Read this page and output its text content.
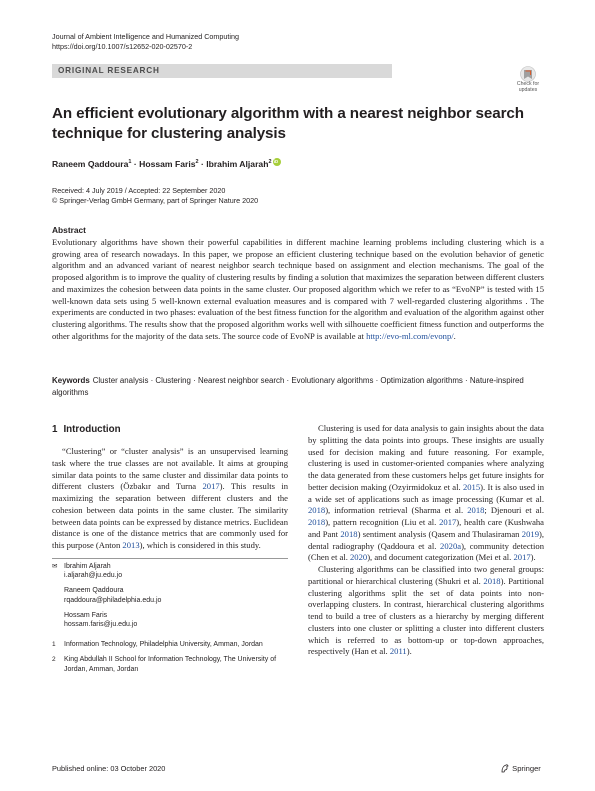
Journal of Ambient Intelligence and Humanized Computing
https://doi.org/10.1007/s12652-020-02570-2
ORIGINAL RESEARCH
Check for
updates
An efficient evolutionary algorithm with a nearest neighbor search technique for clustering analysis
Raneem Qaddoura$^1$ · Hossam Faris$^2$ · Ibrahim Aljarah$^2$iD
Received: 4 July 2019 / Accepted: 22 September 2020
© Springer-Verlag GmbH Germany, part of Springer Nature 2020
Abstract
Evolutionary algorithms have shown their powerful capabilities in different machine learning problems including clustering which is a growing area of research nowadays. In this paper, we propose an efficient clustering technique based on the evolution behavior of genetic algorithm and an advanced variant of nearest neighbor search technique based on assignment and election mechanisms. The goal of the proposed algorithm is to improve the quality of clustering results by finding a solution that maximizes the separation between different clusters and maximizes the cohesion between data points in the same cluster. Our proposed algorithm which we refer to as “EvoNP” is tested with 15 well-known data sets using 5 well-known external evaluation measures and is compared with 7 well-regarded clustering algorithms . The experiments are conducted in two phases: evaluation of the best fitness function for the algorithm and evaluation of the algorithm against other clustering algorithms. The results show that the proposed algorithm works well with silhouette coefficient fitness function and outperforms the other algorithms for the majority of the data sets. The source code of EvoNP is available at http://evo-ml.com/evonp/.
Keywords Cluster analysis · Clustering · Nearest neighbor search · Evolutionary algorithms · Optimization algorithms · Nature-inspired algorithms
1 Introduction

“Clustering” or “cluster analysis” is an unsupervised learning task where the true classes are not available. It aims at grouping similar data points to the same cluster and dissimilar data points to different clusters (Özbakır and Turna 2017). This results in maximizing the separation between different clusters and the cohesion between data points in the same cluster. The similarity between data points can be expressed by distance metrics. Euclidean distance is one of the distance metrics that are commonly used for this purpose (Anton 2013), which is considered in this study.

✉ Ibrahim Aljarah
i.aljarah@ju.edu.jo
Raneem Qaddoura
rqaddoura@philadelphia.edu.jo
Hossam Faris
hossam.faris@ju.edu.jo
1 Information Technology, Philadelphia University, Amman, Jordan
2 King Abdullah II School for Information Technology, The University of Jordan, Amman, Jordan

Clustering is used for data analysis to gain insights about the data by splitting the data points into groups. These insights are usually used for decision making and future reasoning. For example, clustering is used in customer-oriented companies where analyzing the data generated from these customers helps get future insights for better decision making (Ozyirmidokuz et al. 2015). It is also used in a wide set of applications such as image processing (Kumar et al. 2018), information retrieval (Sharma et al. 2018; Djenouri et al. 2018), pattern recognition (Liu et al. 2017), health care (Kushwaha and Pant 2018) sentiment analysis (Qasem and Thulasiraman 2019), dental radiography (Qaddoura et al. 2020a), community detection (Chen et al. 2020), and document categorization (Mei et al. 2017).

Clustering algorithms can be classified into two general groups: partitional or hierarchical clustering (Shukri et al. 2018). Partitional clustering algorithms split the set of data points into non-overlapping clusters. In contrast, hierarchical clustering algorithms tend to build a tree of clusters as a hierarchy by merging different clusters into one cluster or splitting a cluster into different clusters which is referred to as bottom-up or top-down approaches, respectively (Han et al. 2011).

Published online: 03 October 2020	Springer
